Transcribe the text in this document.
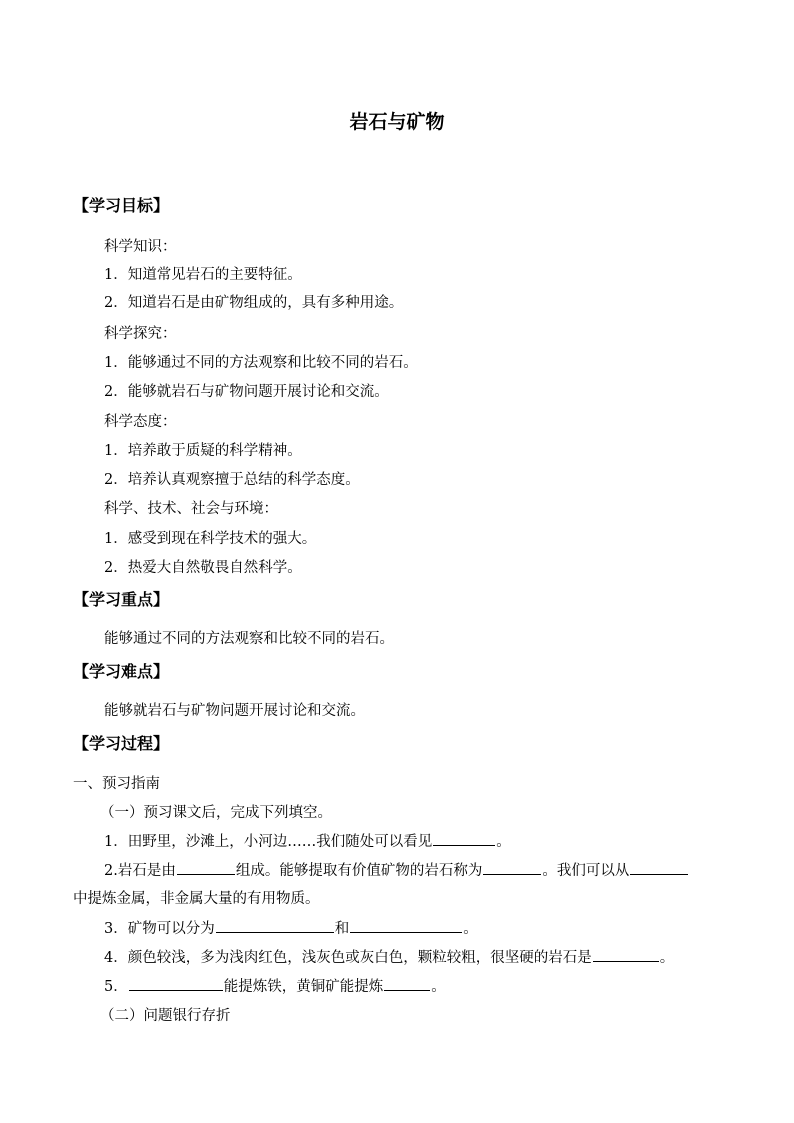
岩石与矿物
【学习目标】
科学知识：
1．知道常见岩石的主要特征。
2．知道岩石是由矿物组成的，具有多种用途。
科学探究：
1．能够通过不同的方法观察和比较不同的岩石。
2．能够就岩石与矿物问题开展讨论和交流。
科学态度：
1．培养敢于质疑的科学精神。
2．培养认真观察擅于总结的科学态度。
科学、技术、社会与环境：
1．感受到现在科学技术的强大。
2．热爱大自然敬畏自然科学。
【学习重点】
能够通过不同的方法观察和比较不同的岩石。
【学习难点】
能够就岩石与矿物问题开展讨论和交流。
【学习过程】
一、预习指南
（一）预习课文后，完成下列填空。
1．田野里，沙滩上，小河边……我们随处可以看见	。
2.岩石是由	组成。能够提取有价值矿物的岩石称为	。我们可以从
中提炼金属，非金属大量的有用物质。
3．矿物可以分为	和	。
4．颜色较浅，多为浅肉红色，浅灰色或灰白色，颗粒较粗，很坚硬的岩石是	。
5．	能提炼铁，黄铜矿能提炼	。
（二）问题银行存折
